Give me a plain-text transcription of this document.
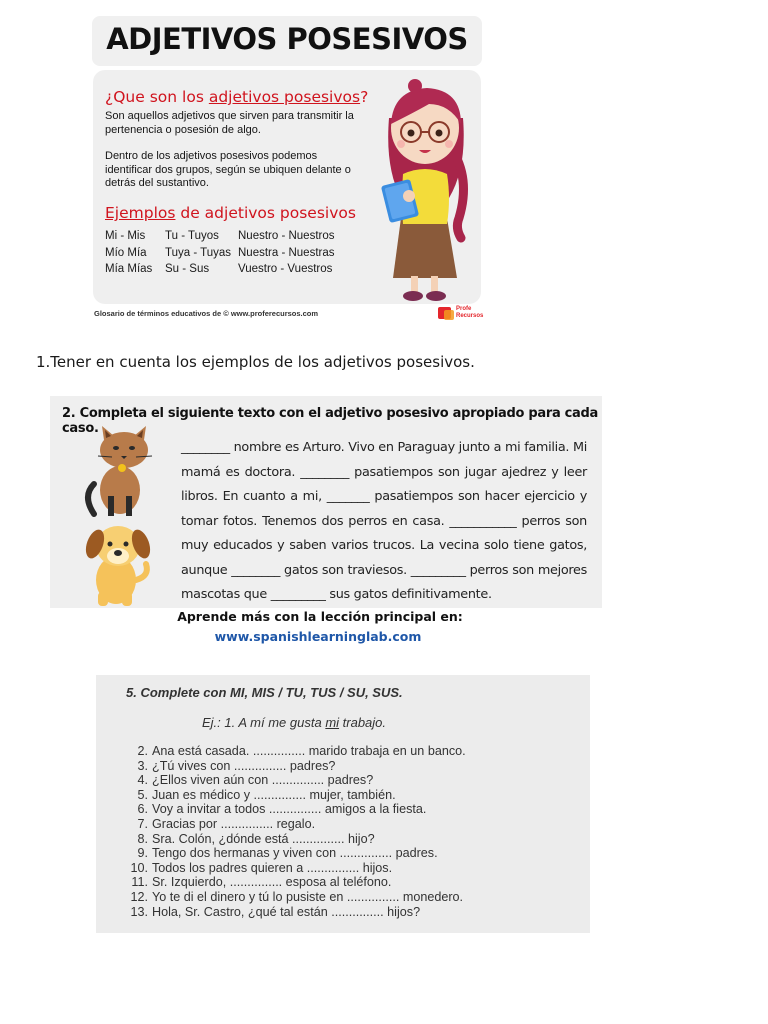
ADJETIVOS POSESIVOS
¿Que son los adjetivos posesivos?
Son aquellos adjetivos que sirven para transmitir la pertenencia o posesión de algo.
Dentro de los adjetivos posesivos podemos identificar dos grupos, según se ubiquen delante o detrás del sustantivo.
Ejemplos de adjetivos posesivos
Mi - Mis
Mío Mía
Mía Mías
Tu - Tuyos
Tuya - Tuyas
Su - Sus
Nuestro - Nuestros
Nuestra - Nuestras
Vuestro - Vuestros
Glosario de términos educativos de © www.proferecursos.com	Profe
Recursos
1.Tener en cuenta los ejemplos de los adjetivos posesivos.
2. Completa el siguiente texto con el adjetivo posesivo apropiado para cada caso.
________ nombre es Arturo. Vivo en Paraguay junto a mi familia. Mi mamá es doctora. ________ pasatiempos son jugar ajedrez y leer libros. En cuanto a mi, _______ pasatiempos son hacer ejercicio y tomar fotos. Tenemos dos perros en casa. ___________ perros son muy educados y saben varios trucos. La vecina solo tiene gatos, aunque ________ gatos son traviesos. _________ perros son mejores mascotas que _________ sus gatos definitivamente.
Aprende más con la lección principal en:
www.spanishlearninglab.com
5. Complete con MI, MIS / TU, TUS / SU, SUS.
Ej.: 1. A mí me gusta mi trabajo.
2. Ana está casada. ............... marido trabaja en un banco.
3. ¿Tú vives con ............... padres?
4. ¿Ellos viven aún con ............... padres?
5. Juan es médico y ............... mujer, también.
6. Voy a invitar a todos ............... amigos a la fiesta.
7. Gracias por ............... regalo.
8. Sra. Colón, ¿dónde está ............... hijo?
9. Tengo dos hermanas y viven con ............... padres.
10. Todos los padres quieren a ............... hijos.
11. Sr. Izquierdo, ............... esposa al teléfono.
12. Yo te di el dinero y tú lo pusiste en ............... monedero.
13. Hola, Sr. Castro, ¿qué tal están ............... hijos?
